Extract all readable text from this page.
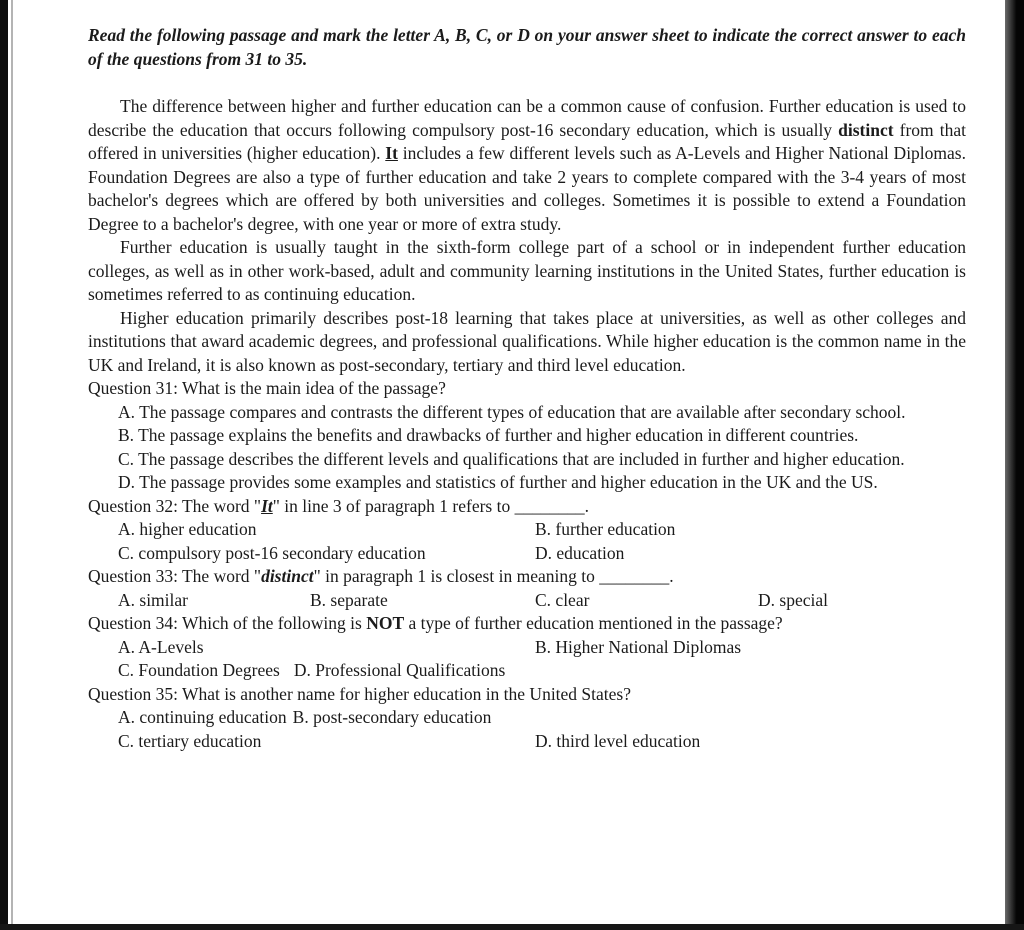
Read the following passage and mark the letter A, B, C, or D on your answer sheet to indicate the correct answer to each of the questions from 31 to 35.

The difference between higher and further education can be a common cause of confusion. Further education is used to describe the education that occurs following compulsory post-16 secondary education, which is usually distinct from that offered in universities (higher education). It includes a few different levels such as A-Levels and Higher National Diplomas. Foundation Degrees are also a type of further education and take 2 years to complete compared with the 3-4 years of most bachelor's degrees which are offered by both universities and colleges. Sometimes it is possible to extend a Foundation Degree to a bachelor's degree, with one year or more of extra study.

Further education is usually taught in the sixth-form college part of a school or in independent further education colleges, as well as in other work-based, adult and community learning institutions in the United States, further education is sometimes referred to as continuing education.

Higher education primarily describes post-18 learning that takes place at universities, as well as other colleges and institutions that award academic degrees, and professional qualifications. While higher education is the common name in the UK and Ireland, it is also known as post-secondary, tertiary and third level education.

Question 31: What is the main idea of the passage?

A. The passage compares and contrasts the different types of education that are available after secondary school.

B. The passage explains the benefits and drawbacks of further and higher education in different countries.

C. The passage describes the different levels and qualifications that are included in further and higher education.

D. The passage provides some examples and statistics of further and higher education in the UK and the US.

Question 32: The word "It" in line 3 of paragraph 1 refers to ________.

A. higher education	B. further education
C. compulsory post-16 secondary education	D. education

Question 33: The word "distinct" in paragraph 1 is closest in meaning to ________.

A. similar	B. separate	C. clear	D. special

Question 34: Which of the following is NOT a type of further education mentioned in the passage?

A. A-Levels	B. Higher National Diplomas
C. Foundation Degrees D. Professional Qualifications

Question 35: What is another name for higher education in the United States?

A. continuing education B. post-secondary education
C. tertiary education	D. third level education
